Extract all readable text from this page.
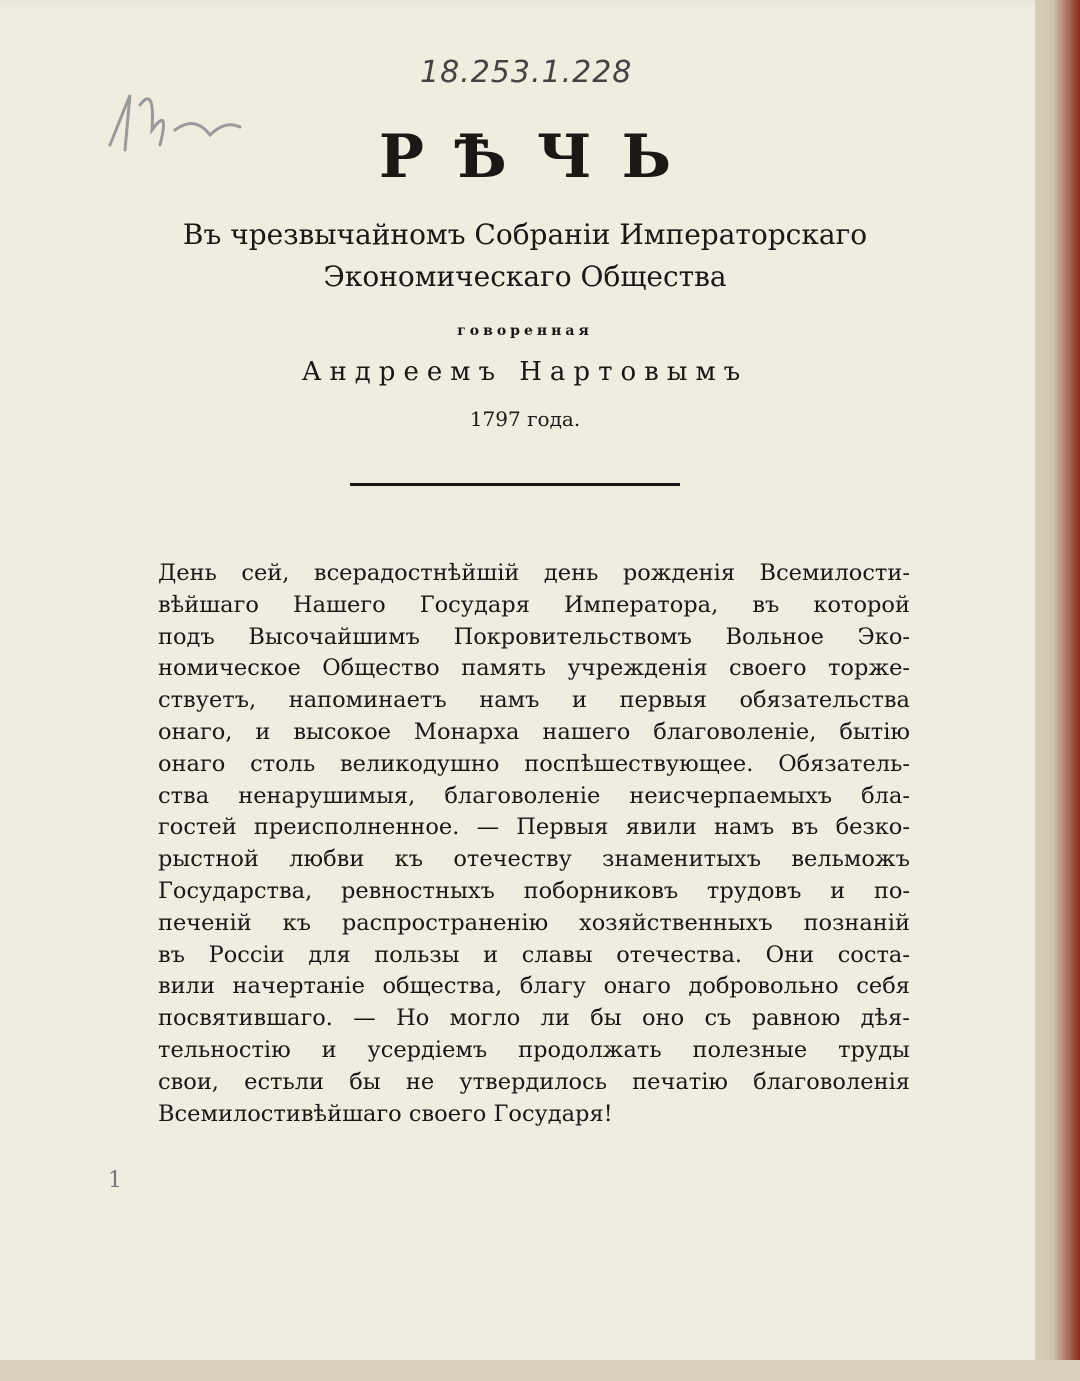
18.253.1.228
РѢЧЬ
Въ чрезвычайномъ Собраніи Императорскаго
Экономическаго Общества
говоренная
Андреемъ Нартовымъ
1797 года.
День сей, всерадостнѣйшій день рожденія Всемилости-
вѣйшаго Нашего Государя Императора, въ которой
подъ Высочайшимъ Покровительствомъ Вольное Эко-
номическое Общество память учрежденія своего торже-
ствуетъ, напоминаетъ намъ и первыя обязательства
онаго, и высокое Монарха нашего благоволеніе, бытію
онаго столь великодушно поспѣшествующее. Обязатель-
ства ненарушимыя, благоволеніе неисчерпаемыхъ бла-
гостей преисполненное. — Первыя явили намъ въ безко-
рыстной любви къ отечеству знаменитыхъ вельможъ
Государства, ревностныхъ поборниковъ трудовъ и по-
печеній къ распространенію хозяйственныхъ познаній
въ Россіи для пользы и славы отечества. Они соста-
вили начертаніе общества, благу онаго добровольно себя
посвятившаго. — Но могло ли бы оно съ равною дѣя-
тельностію и усердіемъ продолжать полезные труды
свои, естьли бы не утвердилось печатію благоволенія
Всемилостивѣйшаго своего Государя!
1
